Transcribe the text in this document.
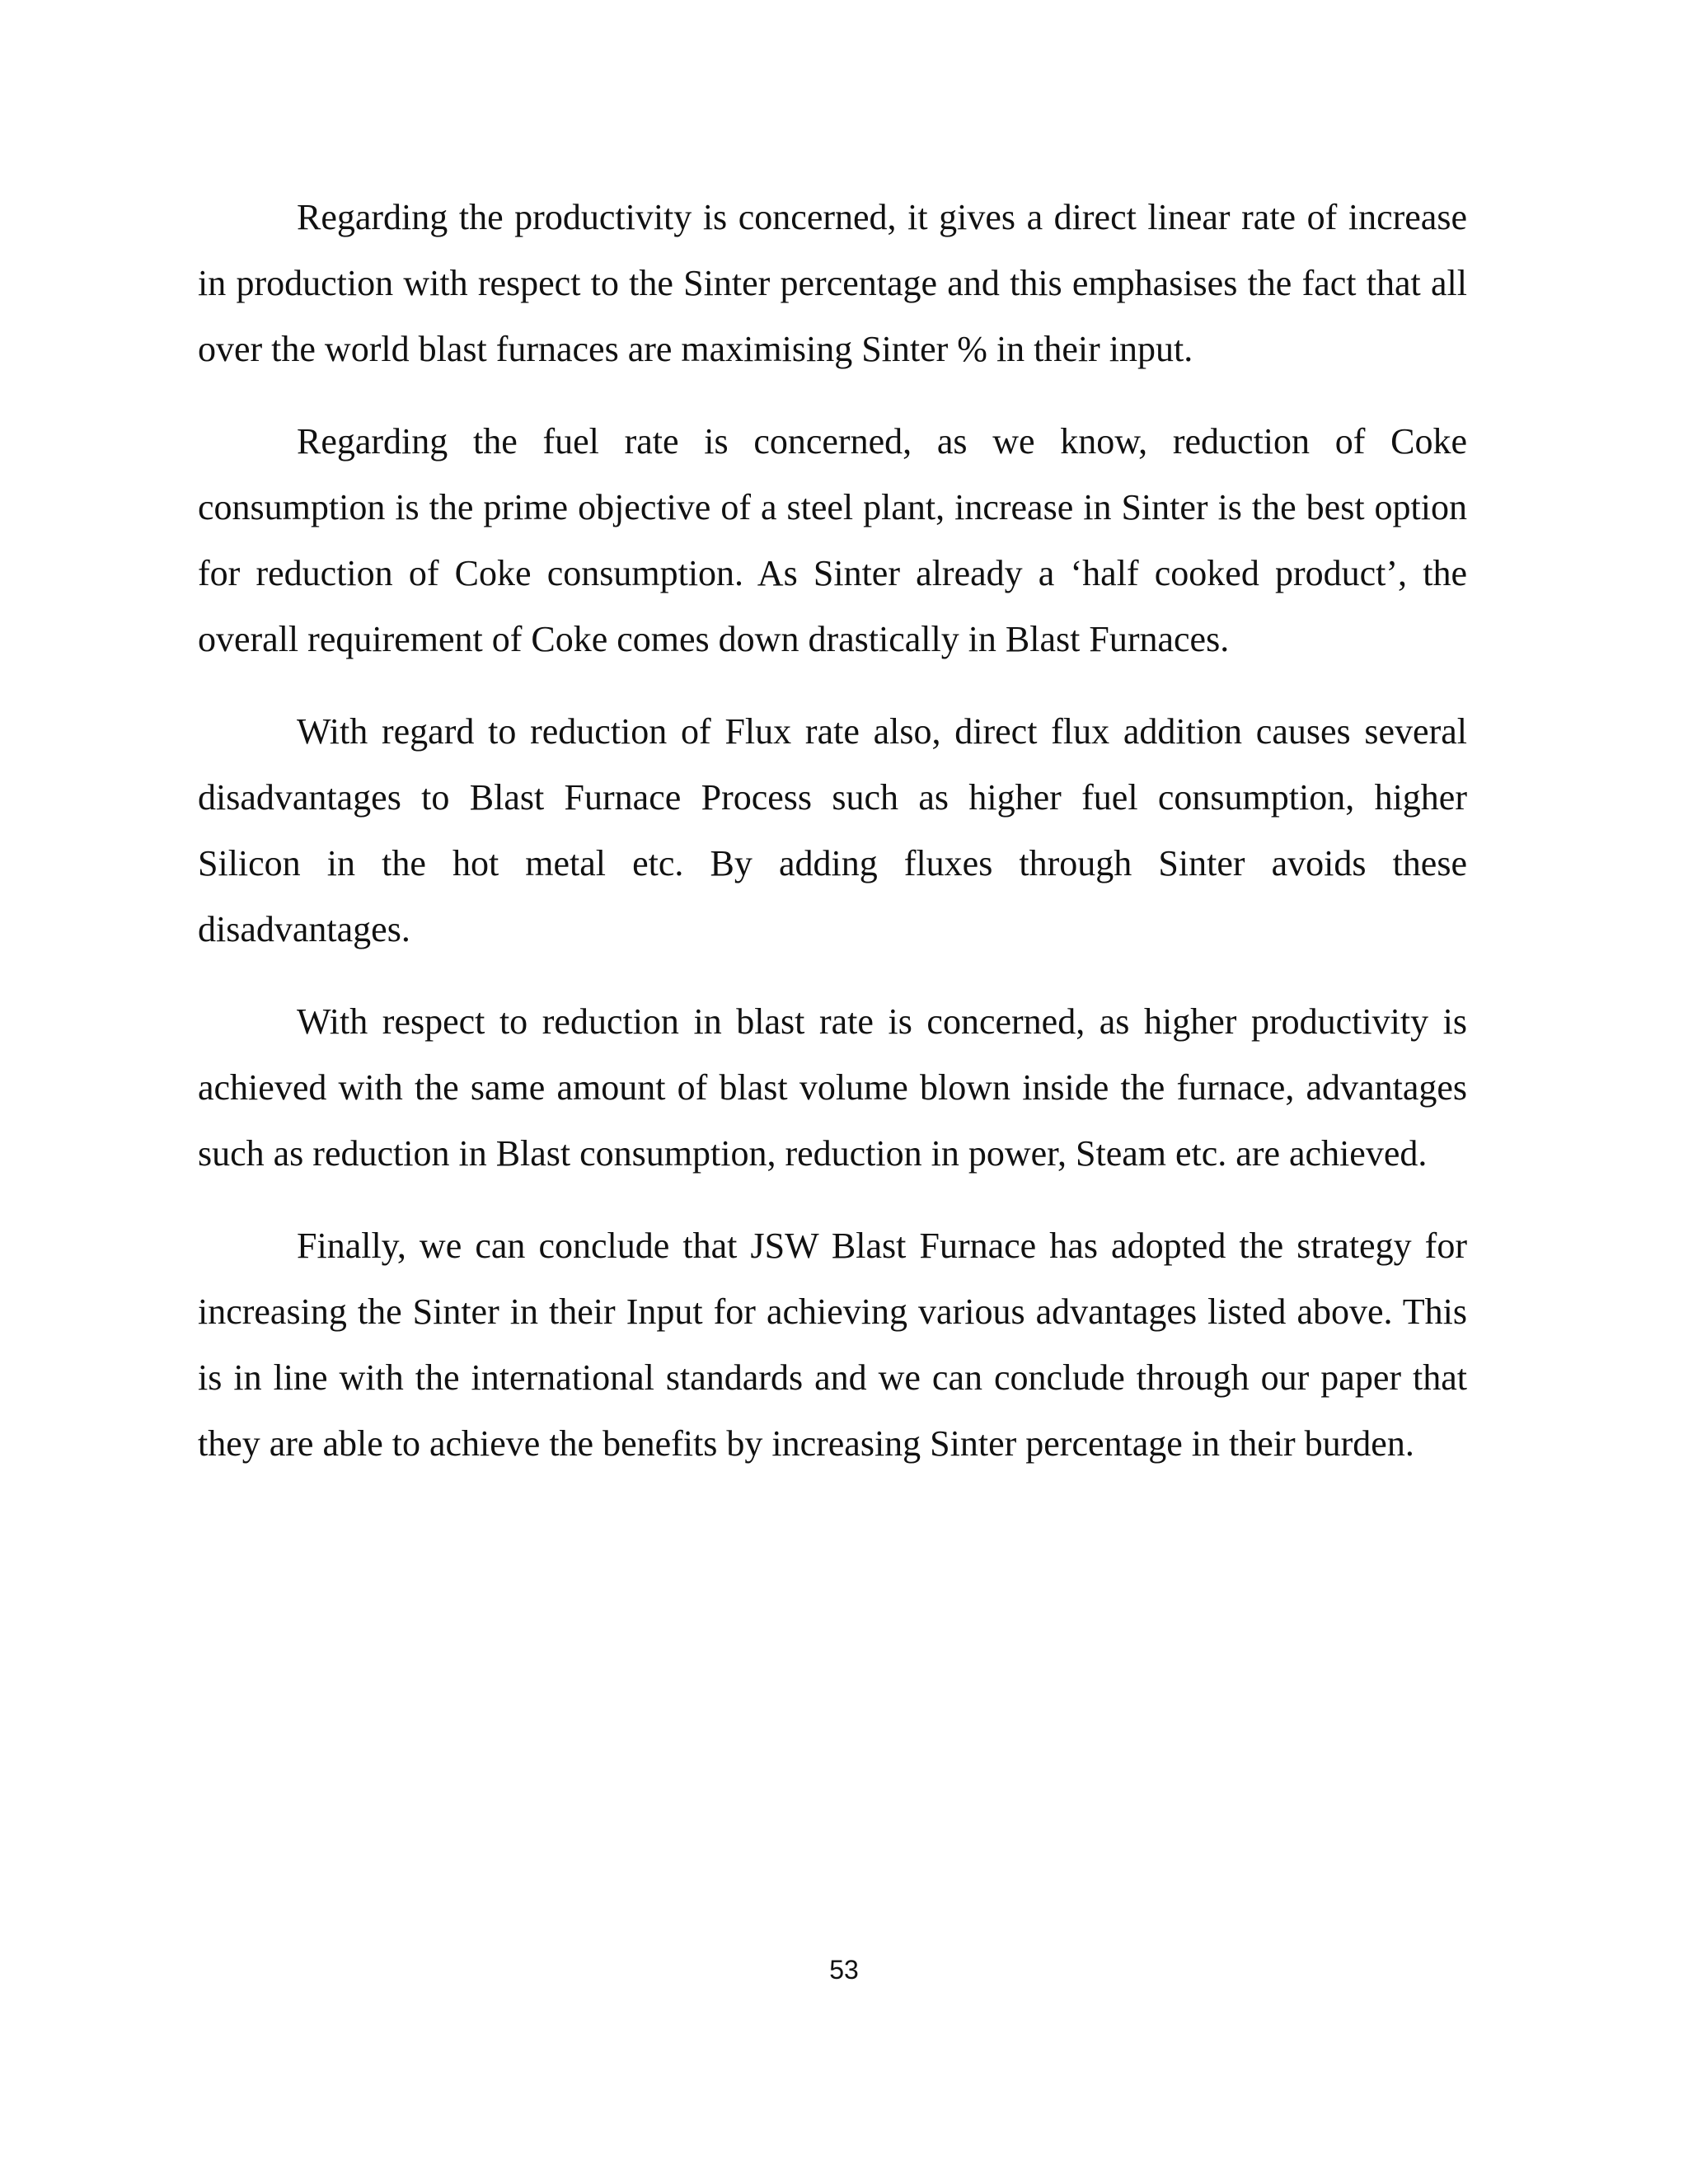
Regarding the productivity is concerned, it gives a direct linear rate of increase in production with respect to the Sinter percentage and this emphasises the fact that all over the world blast furnaces are maximising Sinter % in their input.

Regarding the fuel rate is concerned, as we know, reduction of Coke consumption is the prime objective of a steel plant, increase in Sinter is the best option for reduction of Coke consumption. As Sinter already a ‘half cooked product’, the overall requirement of Coke comes down drastically in Blast Furnaces.

With regard to reduction of Flux rate also, direct flux addition causes several disadvantages to Blast Furnace Process such as higher fuel consumption, higher Silicon in the hot metal etc. By adding fluxes through Sinter avoids these disadvantages.

With respect to reduction in blast rate is concerned, as higher productivity is achieved with the same amount of blast volume blown inside the furnace, advantages such as reduction in Blast consumption, reduction in power, Steam etc. are achieved.

Finally, we can conclude that JSW Blast Furnace has adopted the strategy for increasing the Sinter in their Input for achieving various advantages listed above. This is in line with the international standards and we can conclude through our paper that they are able to achieve the benefits by increasing Sinter percentage in their burden.

53
